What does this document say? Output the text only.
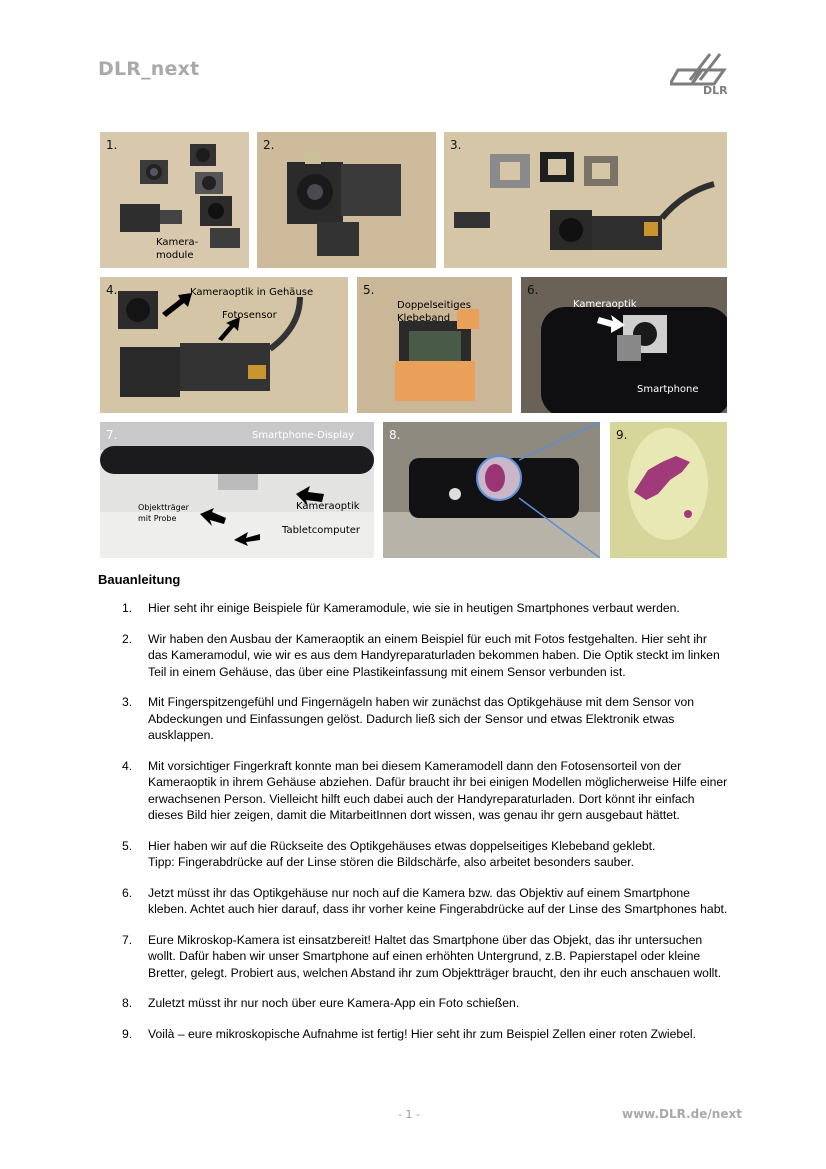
DLR_next
DLR
1.
Kamera-
module
2.	3.
4.	Kameraoptik in Gehäuse
Fotosensor
5.
Doppelseitiges
Klebeband
6.
Kameraoptik
Smartphone
7.	Smartphone-Display
Kameraoptik
Objektträger
mit Probe
Tabletcomputer
8.	9.
Bauanleitung
1. Hier seht ihr einige Beispiele für Kameramodule, wie sie in heutigen Smartphones verbaut werden.
2. Wir haben den Ausbau der Kameraoptik an einem Beispiel für euch mit Fotos festgehalten. Hier seht ihr das Kameramodul, wie wir es aus dem Handyreparaturladen bekommen haben. Die Optik steckt im linken Teil in einem Gehäuse, das über eine Plastikeinfassung mit einem Sensor verbunden ist.
3. Mit Fingerspitzengefühl und Fingernägeln haben wir zunächst das Optikgehäuse mit dem Sensor von Abdeckungen und Einfassungen gelöst. Dadurch ließ sich der Sensor und etwas Elektronik etwas ausklappen.
4. Mit vorsichtiger Fingerkraft konnte man bei diesem Kameramodell dann den Fotosensorteil von der Kameraoptik in ihrem Gehäuse abziehen. Dafür braucht ihr bei einigen Modellen möglicherweise Hilfe einer erwachsenen Person. Vielleicht hilft euch dabei auch der Handyreparaturladen. Dort könnt ihr einfach dieses Bild hier zeigen, damit die MitarbeitInnen dort wissen, was genau ihr gern ausgebaut hättet.
5. Hier haben wir auf die Rückseite des Optikgehäuses etwas doppelseitiges Klebeband geklebt.
Tipp: Fingerabdrücke auf der Linse stören die Bildschärfe, also arbeitet besonders sauber.
6. Jetzt müsst ihr das Optikgehäuse nur noch auf die Kamera bzw. das Objektiv auf einem Smartphone kleben. Achtet auch hier darauf, dass ihr vorher keine Fingerabdrücke auf der Linse des Smartphones habt.
7. Eure Mikroskop-Kamera ist einsatzbereit! Haltet das Smartphone über das Objekt, das ihr untersuchen wollt. Dafür haben wir unser Smartphone auf einen erhöhten Untergrund, z.B. Papierstapel oder kleine Bretter, gelegt. Probiert aus, welchen Abstand ihr zum Objektträger braucht, den ihr euch anschauen wollt.
8. Zuletzt müsst ihr nur noch über eure Kamera-App ein Foto schießen.
9. Voilà – eure mikroskopische Aufnahme ist fertig! Hier seht ihr zum Beispiel Zellen einer roten Zwiebel.
- 1 -	www.DLR.de/next
